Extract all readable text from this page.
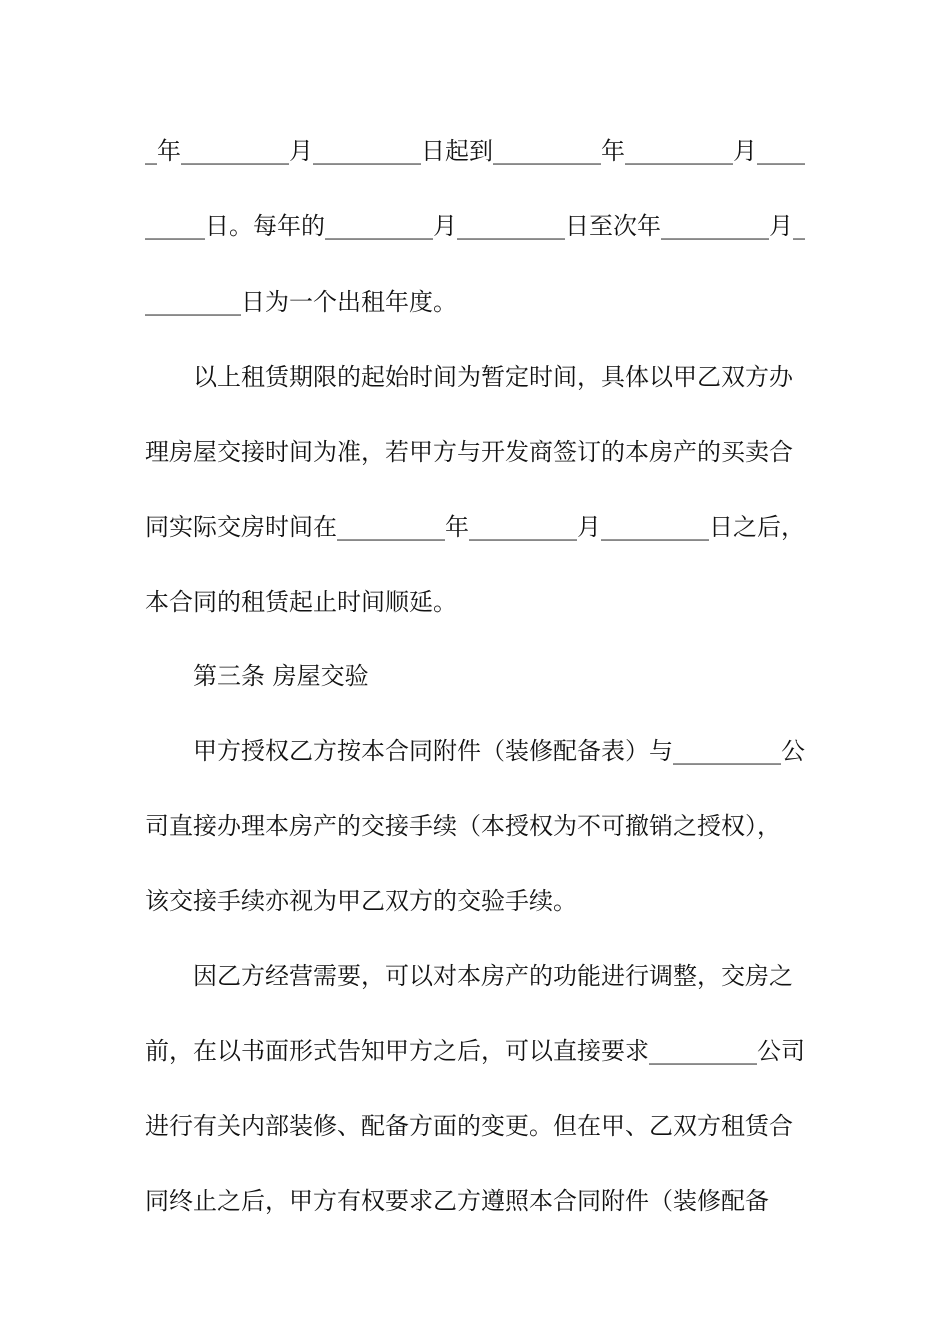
_年_________月_________日起到_________年_________月____
_____日。每年的_________月_________日至次年_________月_
________日为一个出租年度。
以上租赁期限的起始时间为暂定时间，具体以甲乙双方办
理房屋交接时间为准，若甲方与开发商签订的本房产的买卖合
同实际交房时间在_________年_________月_________日之后，
本合同的租赁起止时间顺延。
第三条 房屋交验
甲方授权乙方按本合同附件（装修配备表）与_________公
司直接办理本房产的交接手续（本授权为不可撤销之授权），
该交接手续亦视为甲乙双方的交验手续。
因乙方经营需要，可以对本房产的功能进行调整，交房之
前，在以书面形式告知甲方之后，可以直接要求_________公司
进行有关内部装修、配备方面的变更。但在甲、乙双方租赁合
同终止之后，甲方有权要求乙方遵照本合同附件（装修配备
